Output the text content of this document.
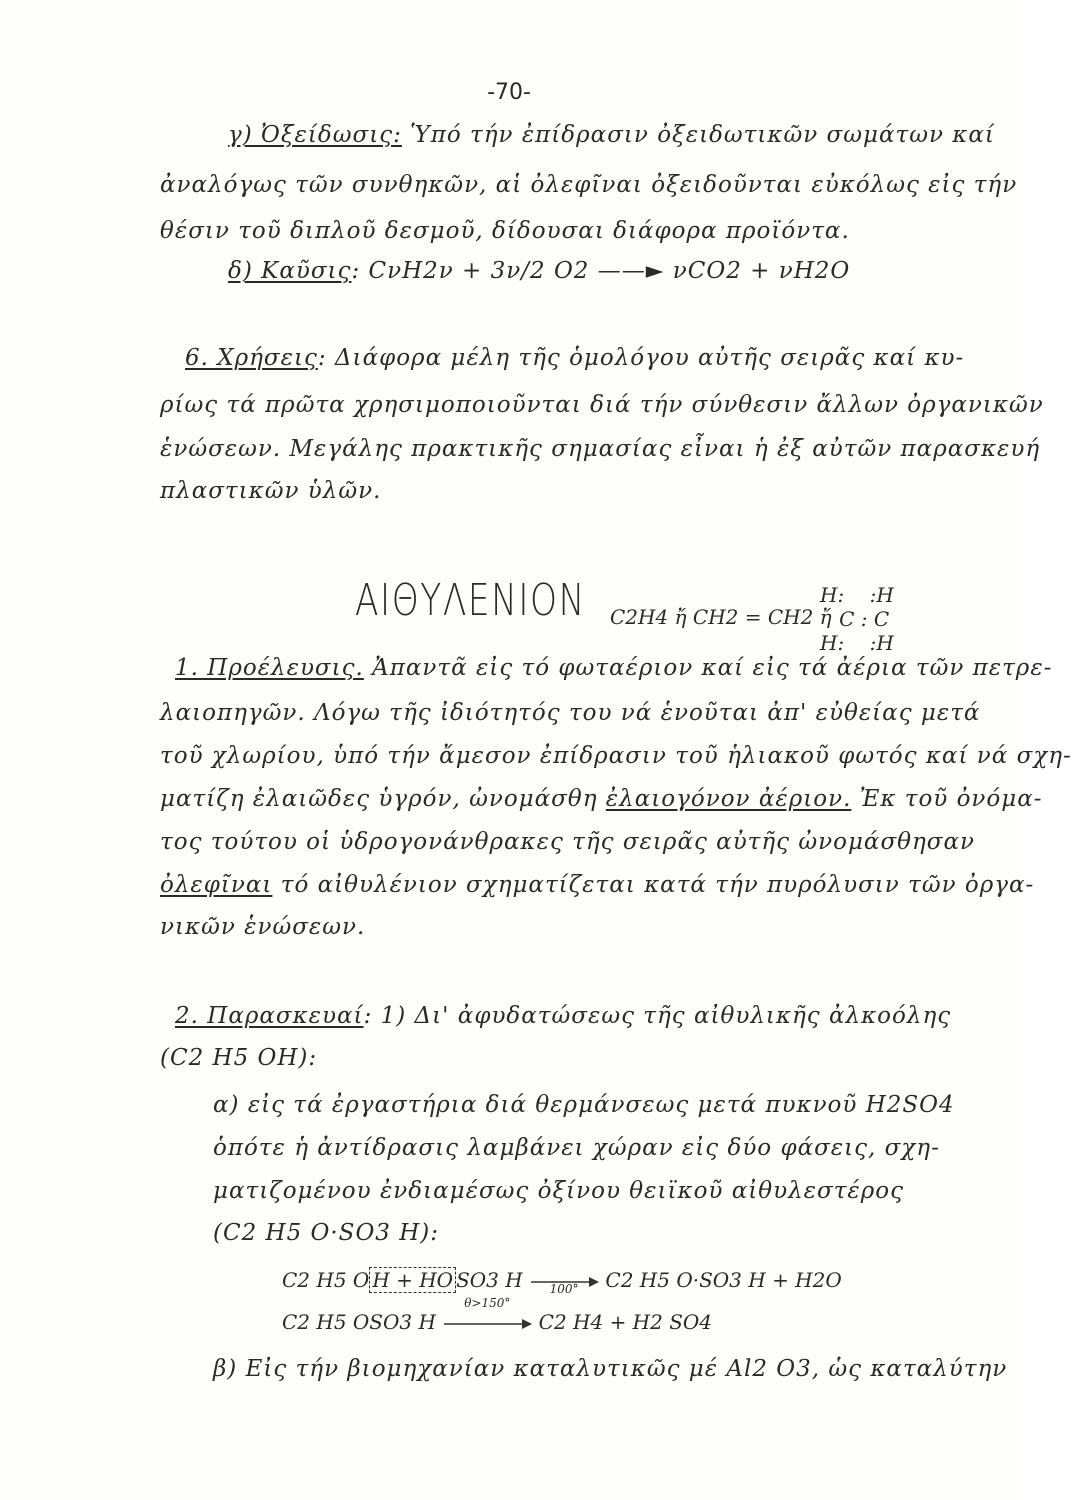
-70-
γ) Ὀξείδωσις: Ὑπό τήν ἐπίδρασιν ὀξειδωτικῶν σωμάτων καί
ἀναλόγως τῶν συνθηκῶν, αἱ ὀλεφῖναι ὀξειδοῦνται εὐκόλως εἰς τήν
θέσιν τοῦ διπλοῦ δεσμοῦ, δίδουσαι διάφορα προϊόντα.
δ) Καῦσις: CνH2ν + 3ν/2 O2 ——► νCO2 + νH2O
6. Χρήσεις: Διάφορα μέλη τῆς ὁμολόγου αὐτῆς σειρᾶς καί κυ-
ρίως τά πρῶτα χρησιμοποιοῦνται διά τήν σύνθεσιν ἄλλων ὀργανικῶν
ἑνώσεων. Μεγάλης πρακτικῆς σημασίας εἶναι ἡ ἐξ αὐτῶν παρασκευή
πλαστικῶν ὑλῶν.
ΑΙΘΥΛΕΝΙΟΝ C2H4 ἤ CH2 = CH2 ἤ
H:    :H
C : C
H:    :H
1. Προέλευσις. Ἀπαντᾶ εἰς τό φωταέριον καί εἰς τά ἀέρια τῶν πετρε-
λαιοπηγῶν. Λόγω τῆς ἰδιότητός του νά ἑνοῦται ἀπ' εὐθείας μετά
τοῦ χλωρίου, ὑπό τήν ἄμεσον ἐπίδρασιν τοῦ ἡλιακοῦ φωτός καί νά σχη-
ματίζη ἐλαιῶδες ὑγρόν, ὠνομάσθη ἐλαιογόνον ἀέριον. Ἐκ τοῦ ὀνόμα-
τος τούτου οἱ ὑδρογονάνθρακες τῆς σειρᾶς αὐτῆς ὠνομάσθησαν
ὀλεφῖναι τό αἰθυλένιον σχηματίζεται κατά τήν πυρόλυσιν τῶν ὀργα-
νικῶν ἑνώσεων.
2. Παρασκευαί: 1) Δι' ἀφυδατώσεως τῆς αἰθυλικῆς ἀλκοόλης
(C2 H5 OH):
α) εἰς τά ἐργαστήρια διά θερμάνσεως μετά πυκνοῦ H2SO4
ὁπότε ἡ ἀντίδρασις λαμβάνει χώραν εἰς δύο φάσεις, σχη-
ματιζομένου ἐνδιαμέσως ὀξίνου θειϊκοῦ αἰθυλεστέρος
(C2 H5 O·SO3 H):
C2 H5 O H + HO SO3 H	100°	C2 H5 O·SO3 H + H2O
C2 H5 OSO3 H
θ>150°
C2 H4 + H2 SO4
β) Εἰς τήν βιομηχανίαν καταλυτικῶς μέ Al2 O3, ὡς καταλύτην
